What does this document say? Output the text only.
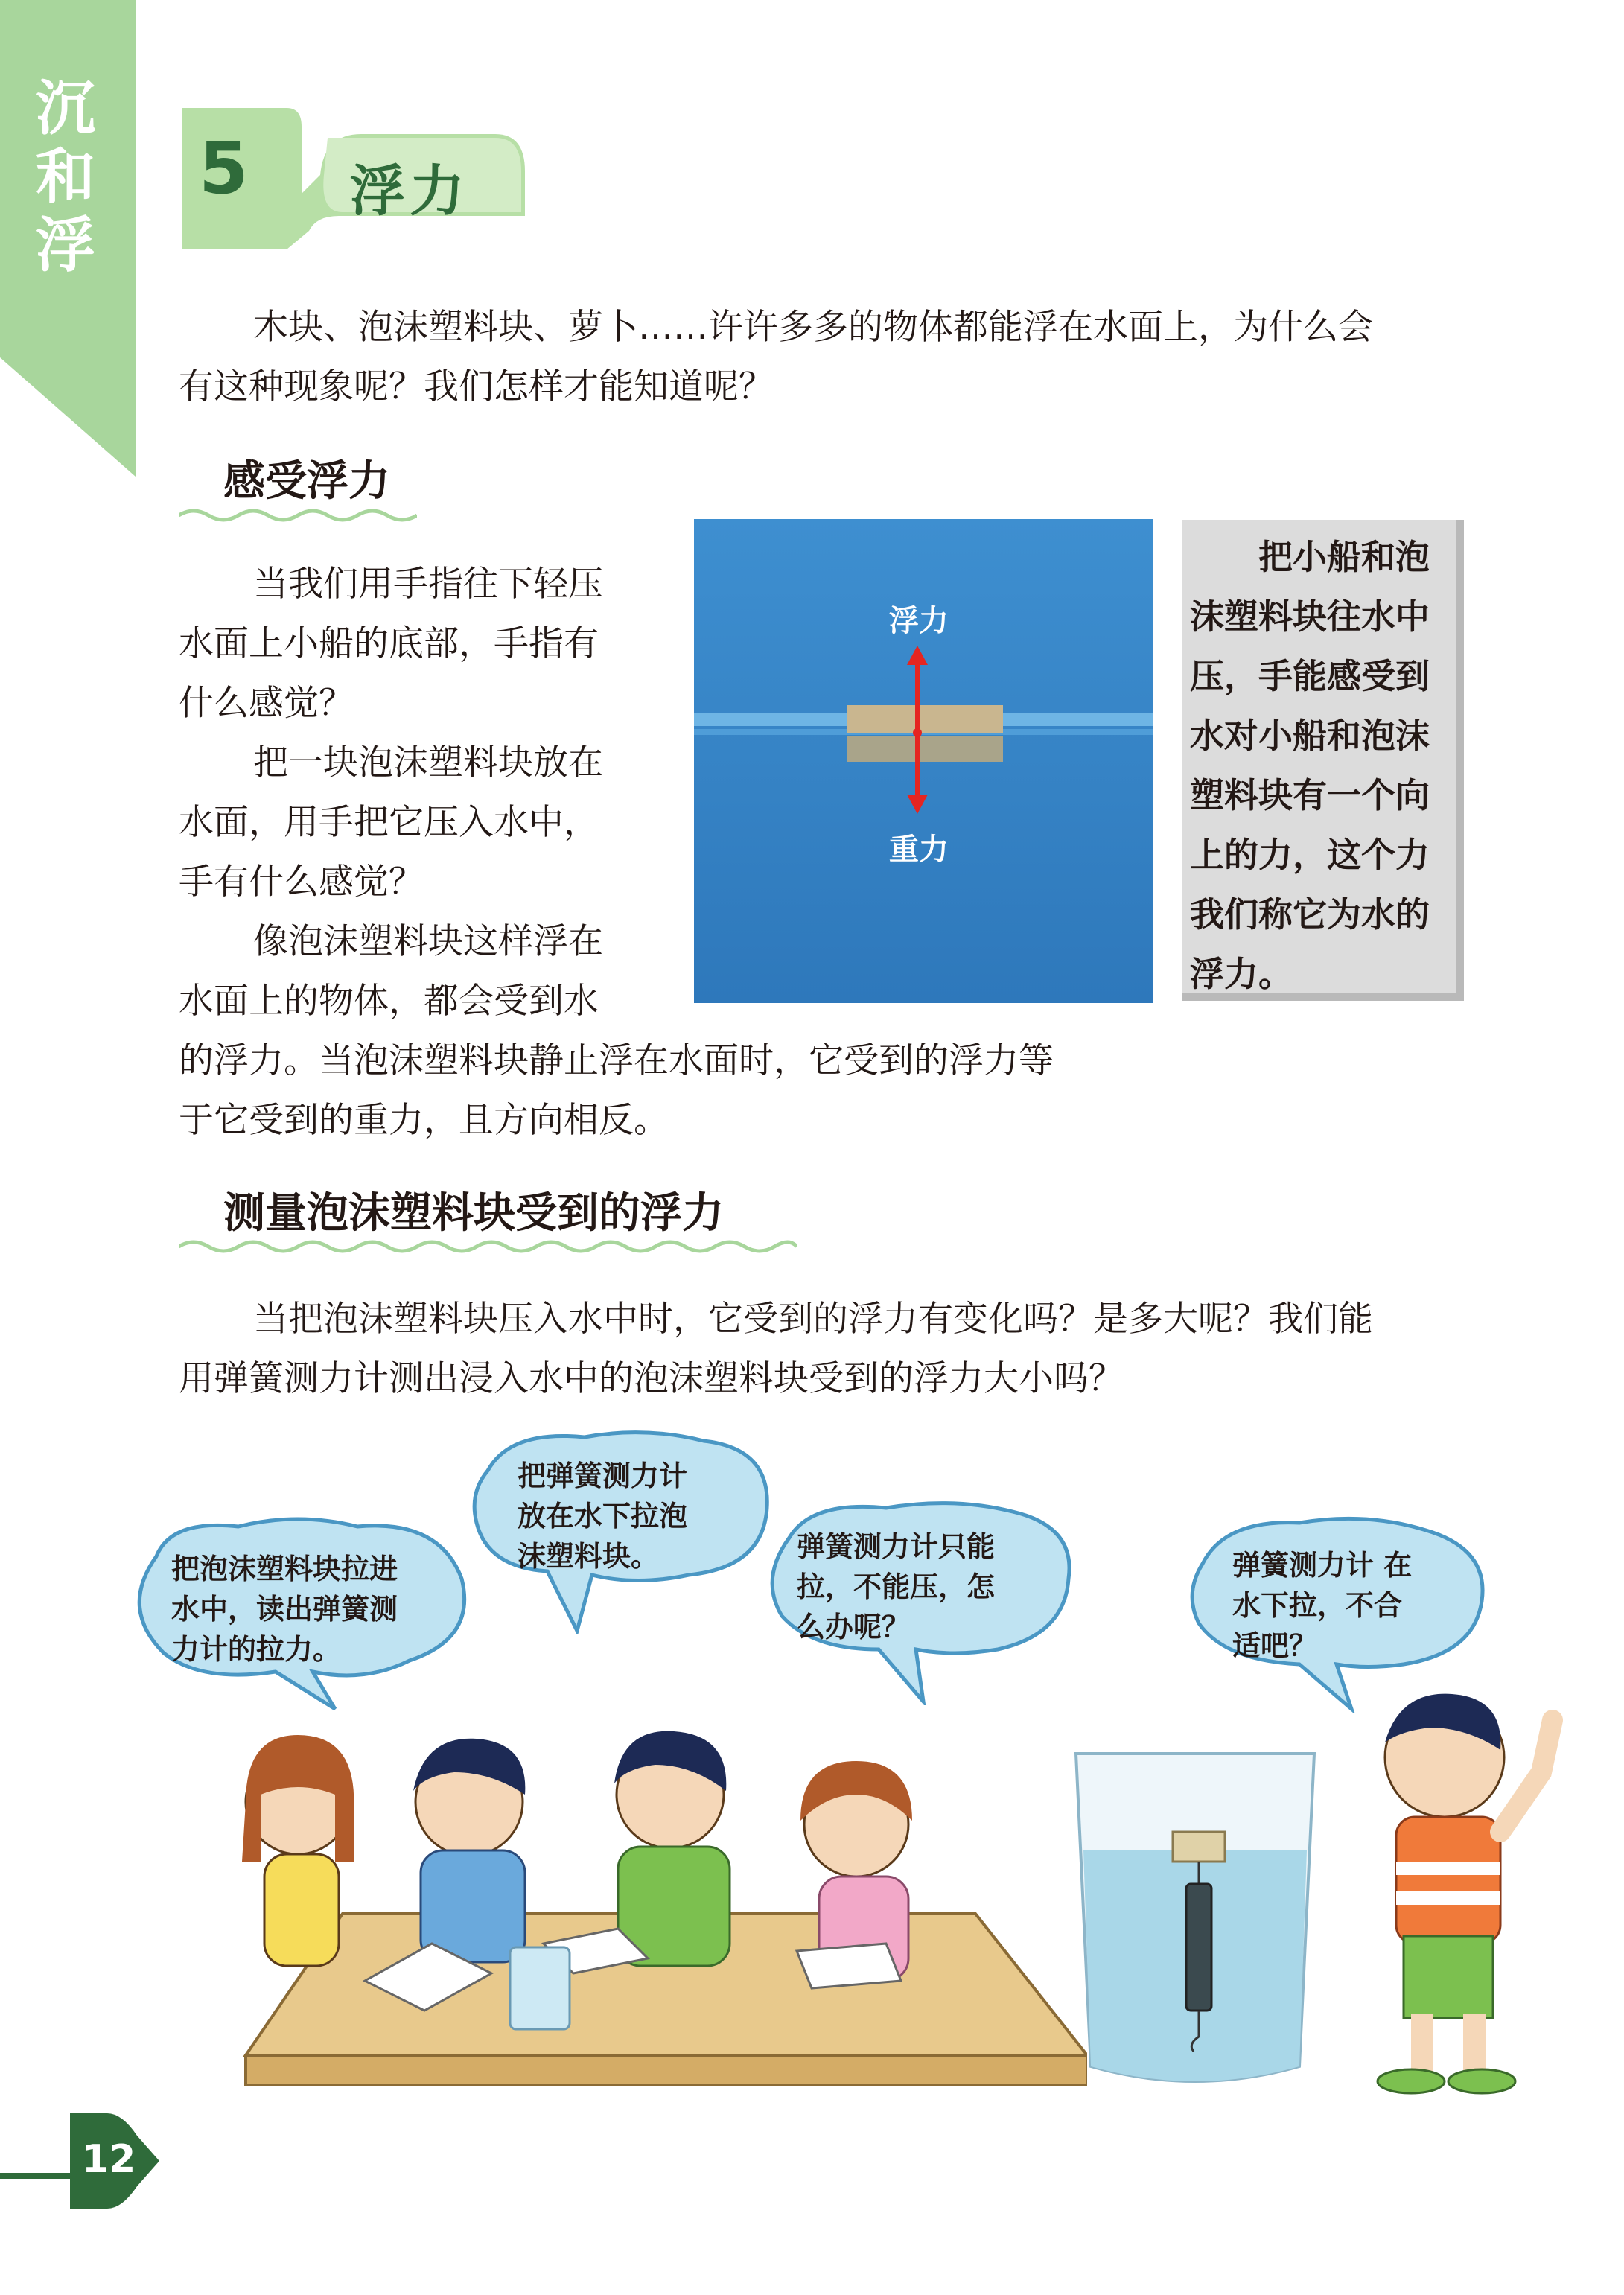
沉
和
浮
5 浮力

木块、泡沫塑料块、萝卜……许许多多的物体都能浮在水面上，为什么会

有这种现象呢？我们怎样才能知道呢？

感受浮力

当我们用手指往下轻压

水面上小船的底部，手指有

什么感觉？

把一块泡沫塑料块放在

水面，用手把它压入水中，

手有什么感觉？

像泡沫塑料块这样浮在

水面上的物体，都会受到水

的浮力。当泡沫塑料块静止浮在水面时，它受到的浮力等

于它受到的重力，且方向相反。

浮力
重力

把小船和泡

沫塑料块往水中

压，手能感受到

水对小船和泡沫

塑料块有一个向

上的力，这个力

我们称它为水的

浮力。

测量泡沫塑料块受到的浮力

当把泡沫塑料块压入水中时，它受到的浮力有变化吗？是多大呢？我们能

用弹簧测力计测出浸入水中的泡沫塑料块受到的浮力大小吗？

把泡沫塑料块拉进
水中，读出弹簧测
力计的拉力。
把弹簧测力计
放在水下拉泡
沫塑料块。	弹簧测力计只能
拉，不能压，怎
么办呢？
弹簧测力计 在
水下拉，不合
适吧？
12
